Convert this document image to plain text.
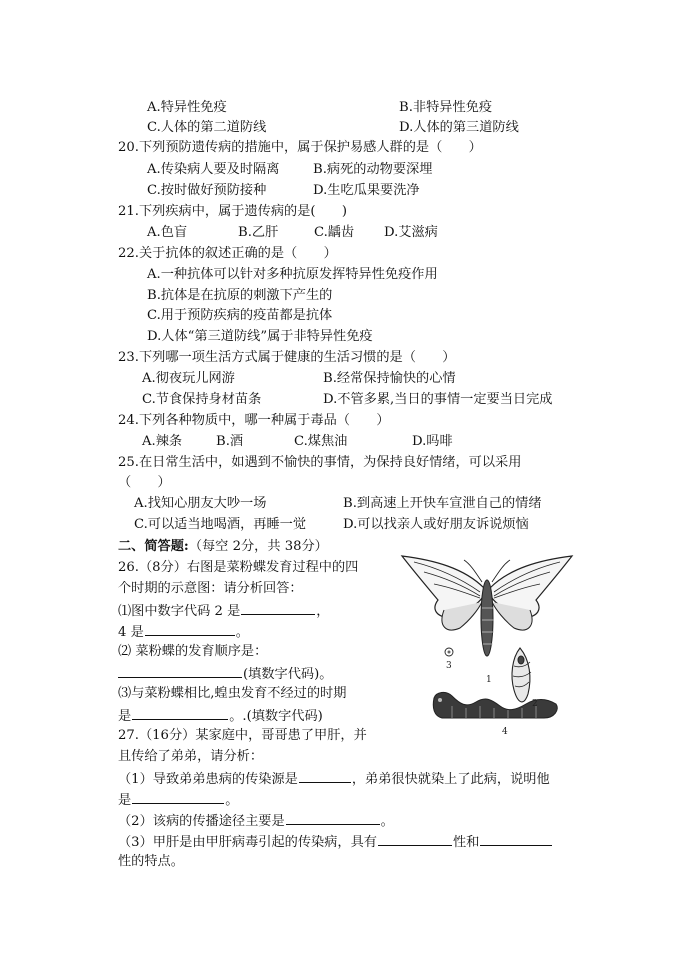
A.特异性免疫	B.非特异性免疫
C.人体的第二道防线	D.人体的第三道防线
20.下列预防遗传病的措施中，属于保护易感人群的是（　　）
A.传染病人要及时隔离	B.病死的动物要深埋
C.按时做好预防接种	D.生吃瓜果要洗净
21.下列疾病中，属于遗传病的是(　　)
A.色盲	B.乙肝	C.龋齿 D.艾滋病
22.关于抗体的叙述正确的是（　　）
A.一种抗体可以针对多种抗原发挥特异性免疫作用
B.抗体是在抗原的刺激下产生的
C.用于预防疾病的疫苗都是抗体
D.人体“第三道防线”属于非特异性免疫
23.下列哪一项生活方式属于健康的生活习惯的是（　　）
A.彻夜玩儿网游	B.经常保持愉快的心情
C.节食保持身材苗条	D.不管多累,当日的事情一定要当日完成
24.下列各种物质中，哪一种属于毒品（　　）
A.辣条	B.酒	C.煤焦油	D.吗啡
25.在日常生活中，如遇到不愉快的事情，为保持良好情绪，可以采用
（　　）
A.找知心朋友大吵一场	B.到高速上开快车宣泄自己的情绪
C.可以适当地喝酒，再睡一觉	D.可以找亲人或好朋友诉说烦恼
二、简答题:（每空 2分，共 38分）
26.（8分）右图是菜粉蝶发育过程中的四
个时期的示意图：请分析回答：
⑴图中数字代码 2 是	，
4 是	。
⑵ 菜粉蝶的发育顺序是：
(填数字代码)。
⑶与菜粉蝶相比,蝗虫发育不经过的时期
是	。.(填数字代码)
1
2
3
4
27.（16分）某家庭中，哥哥患了甲肝，并
且传给了弟弟，请分析：
（1）导致弟弟患病的传染源是	，弟弟很快就染上了此病，说明他
是	。
（2）该病的传播途径主要是	。
（3）甲肝是由甲肝病毒引起的传染病，具有	性和
性的特点。
